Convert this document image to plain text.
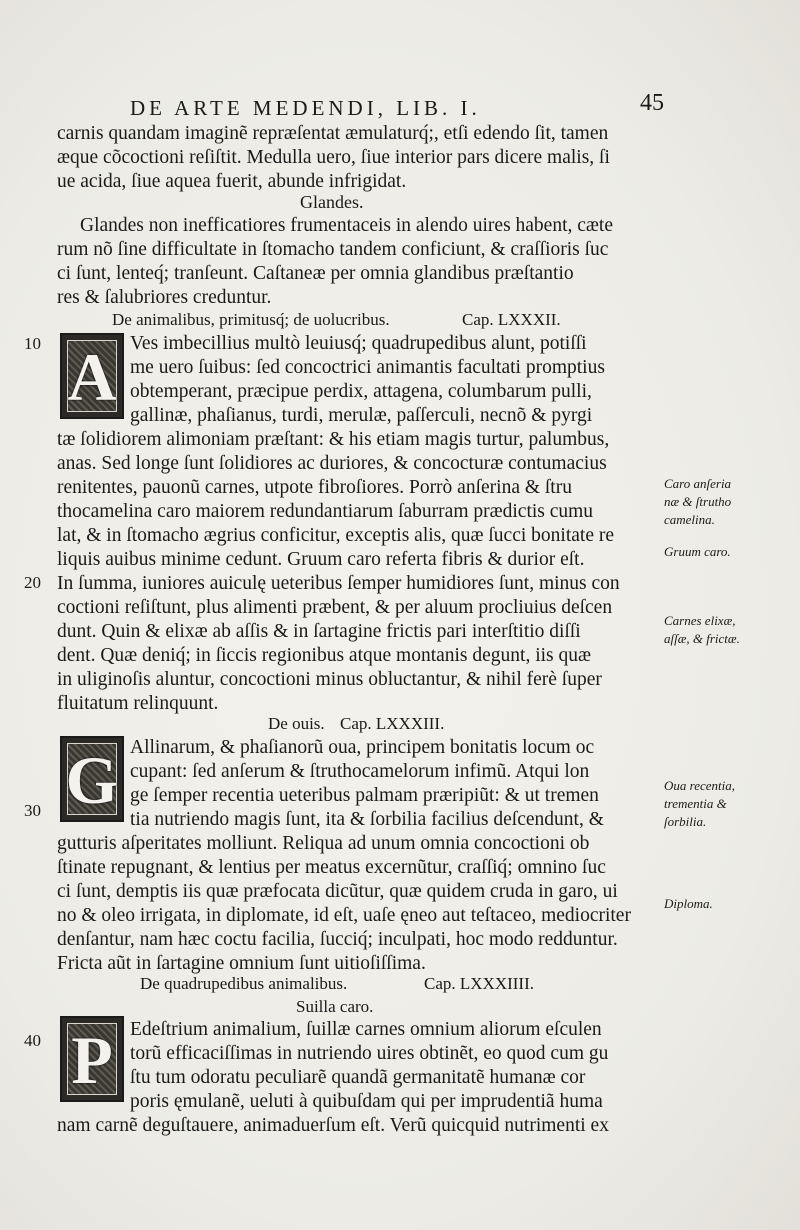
DE ARTE MEDENDI, LIB. I.	45
carnis quandam imaginẽ repræſentat æmulaturq́;, etſi edendo ſit, tamen
æque cõcoctioni reſiſtit. Medulla uero, ſiue interior pars dicere malis, ſi
ue acida, ſiue aquea fuerit, abunde infrigidat.
Glandes.
Glandes non inefficatiores frumentaceis in alendo uires habent, cæte
rum nõ ſine difficultate in ſtomacho tandem conficiunt, & craſſioris ſuc
ci ſunt, lenteq́; tranſeunt. Caſtaneæ per omnia glandibus præſtantio
res & ſalubriores creduntur.
De animalibus, primitusq́; de uolucribus.	Cap. LXXXII.
A Ves imbecillius multò leuiusq́; quadrupedibus alunt, potiſſi
me uero ſuibus: ſed concoctrici animantis facultati promptius
obtemperant, præcipue perdix, attagena, columbarum pulli,
gallinæ, phaſianus, turdi, merulæ, paſſerculi, necnõ & pyrgi
tæ ſolidiorem alimoniam præſtant: & his etiam magis turtur, palumbus,
anas. Sed longe ſunt ſolidiores ac duriores, & concocturæ contumacius
renitentes, pauonũ carnes, utpote fibroſiores. Porrò anſerina & ſtru
thocamelina caro maiorem redundantiarum ſaburram prædictis cumu
lat, & in ſtomacho ægrius conficitur, exceptis alis, quæ ſucci bonitate re
liquis auibus minime cedunt. Gruum caro referta fibris & durior eſt.
In ſumma, iuniores auiculę ueteribus ſemper humidiores ſunt, minus con
coctioni reſiſtunt, plus alimenti præbent, & per aluum procliuius deſcen
dunt. Quin & elixæ ab aſſis & in ſartagine frictis pari interſtitio diſſi
dent. Quæ deniq́; in ſiccis regionibus atque montanis degunt, iis quæ
in uliginoſis aluntur, concoctioni minus obluctantur, & nihil ferè ſuper
fluitatum relinquunt.
De ouis. Cap. LXXXIII.
G Allinarum, & phaſianorũ oua, principem bonitatis locum oc
cupant: ſed anſerum & ſtruthocamelorum infimũ. Atqui lon
ge ſemper recentia ueteribus palmam præripiũt: & ut tremen
tia nutriendo magis ſunt, ita & ſorbilia facilius deſcendunt, &
gutturis aſperitates molliunt. Reliqua ad unum omnia concoctioni ob
ſtinate repugnant, & lentius per meatus excernũtur, craſſiq́; omnino ſuc
ci ſunt, demptis iis quæ præfocata dicũtur, quæ quidem cruda in garo, ui
no & oleo irrigata, in diplomate, id eſt, uaſe ęneo aut teſtaceo, mediocriter
denſantur, nam hæc coctu facilia, ſucciq́; inculpati, hoc modo redduntur.
Fricta aũt in ſartagine omnium ſunt uitioſiſſima.
De quadrupedibus animalibus.	Cap. LXXXIIII.
Suilla caro.
P Edeſtrium animalium, ſuillæ carnes omnium aliorum eſculen
torũ efficaciſſimas in nutriendo uires obtinẽt, eo quod cum gu
ſtu tum odoratu peculiarẽ quandã germanitatẽ humanæ cor
poris ęmulanẽ, ueluti à quibuſdam qui per imprudentiã huma
nam carnẽ deguſtauere, animaduerſum eſt. Verũ quicquid nutrimenti ex
10
20
30
40
Caro anſeria
næ & ſtrutho
camelina.
Gruum caro.
Carnes elixæ,
aſſæ, & frictæ.
Oua recentia,
trementia &
ſorbilia.
Diploma.
